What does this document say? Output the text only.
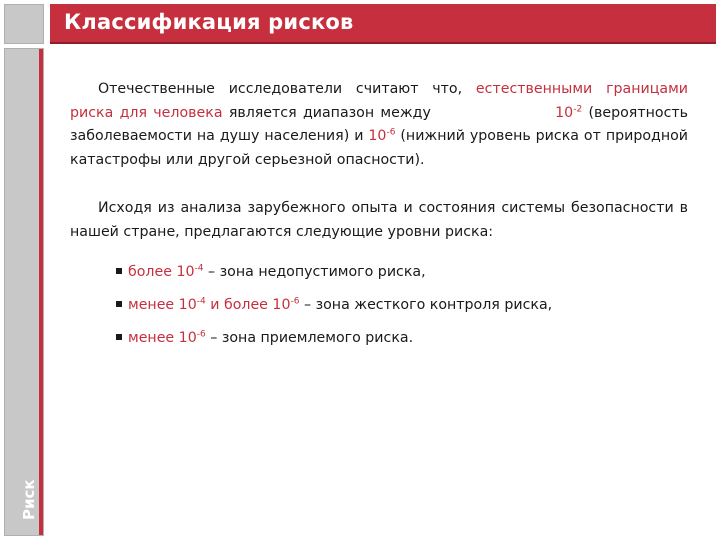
Классификация рисков
Риск

Отечественные исследователи считают что, естественными границами риска для человека является диапазон между	$10^{-2}$ (вероятность заболеваемости на душу населения) и $10^{-6}$ (нижний уровень риска от природной катастрофы или другой серьезной опасности).

Исходя из анализа зарубежного опыта и состояния системы безопасности в нашей стране, предлагаются следующие уровни риска:

более $10^{-4}$ – зона недопустимого риска,
менее $10^{-4}$ и более $10^{-6}$ – зона жесткого контроля риска,
менее $10^{-6}$ – зона приемлемого риска.
